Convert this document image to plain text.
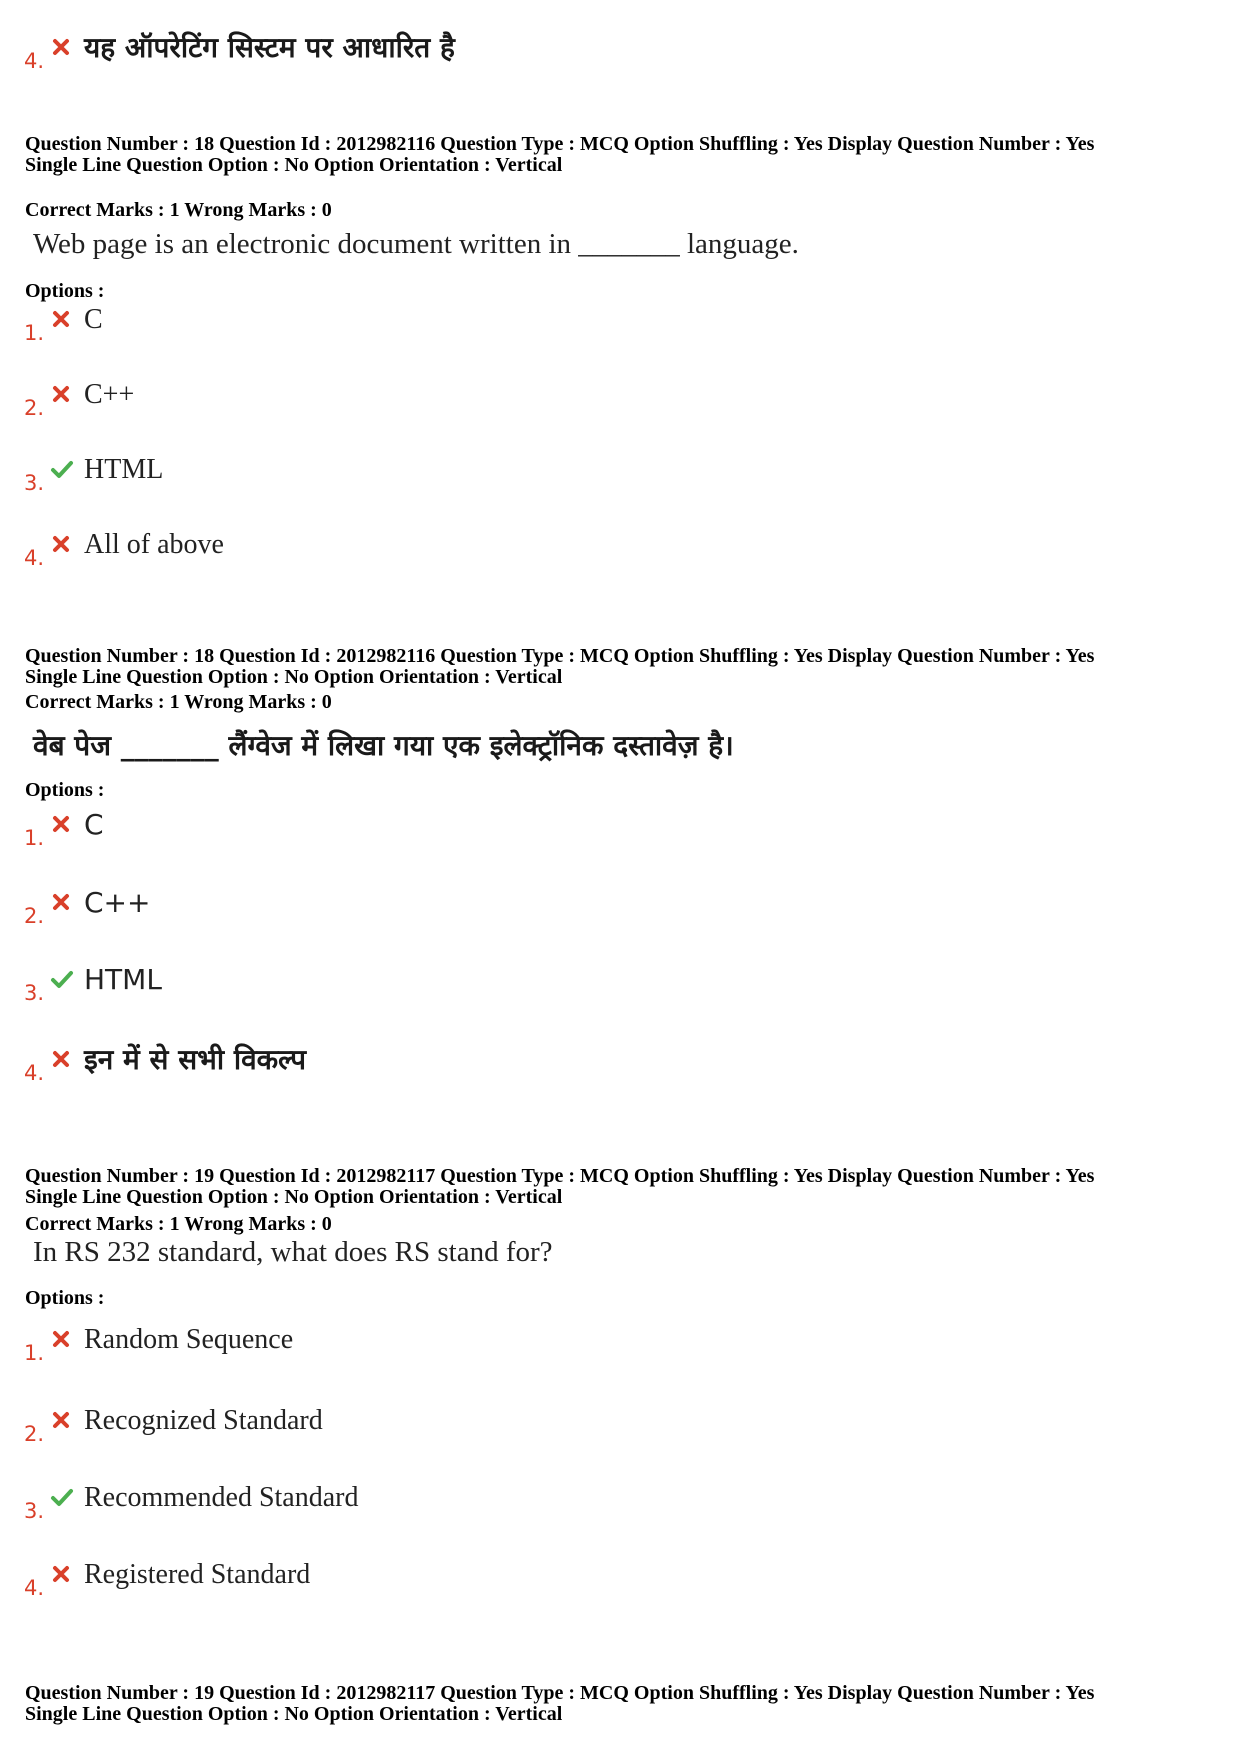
4. यह ऑपरेटिंग सिस्टम पर आधारित है
Question Number : 18 Question Id : 2012982116 Question Type : MCQ Option Shuffling : Yes Display Question Number : Yes
Single Line Question Option : No Option Orientation : Vertical
Correct Marks : 1 Wrong Marks : 0
Web page is an electronic document written in _______ language.
Options :
1. C
2. C++
3. HTML
4. All of above
Question Number : 18 Question Id : 2012982116 Question Type : MCQ Option Shuffling : Yes Display Question Number : Yes
Single Line Question Option : No Option Orientation : Vertical
Correct Marks : 1 Wrong Marks : 0
वेब पेज _______ लैंग्वेज में लिखा गया एक इलेक्ट्रॉनिक दस्तावेज़ है।
Options :
1. C
2. C++
3. HTML
4. इन में से सभी विकल्प
Question Number : 19 Question Id : 2012982117 Question Type : MCQ Option Shuffling : Yes Display Question Number : Yes
Single Line Question Option : No Option Orientation : Vertical
Correct Marks : 1 Wrong Marks : 0
In RS 232 standard, what does RS stand for?
Options :
1. Random Sequence
2. Recognized Standard
3. Recommended Standard
4. Registered Standard
Question Number : 19 Question Id : 2012982117 Question Type : MCQ Option Shuffling : Yes Display Question Number : Yes
Single Line Question Option : No Option Orientation : Vertical
